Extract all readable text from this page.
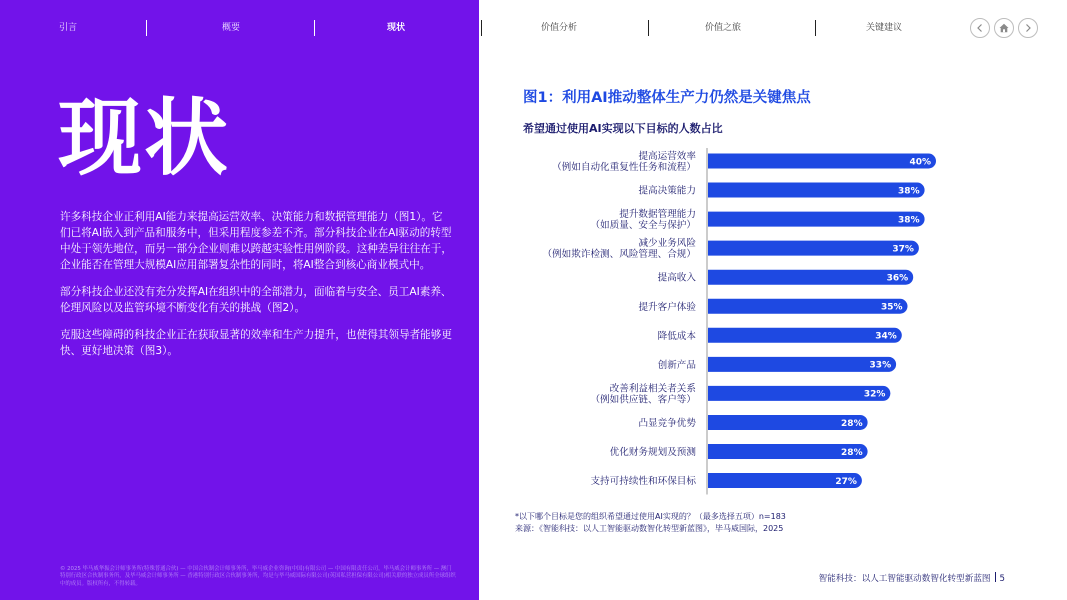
引言	概要	现状	价值分析	价值之旅	关键建议
现状

许多科技企业正利用AI能力来提高运营效率、决策能力和数据管理能力（图1）。它们已将AI嵌入到产品和服务中，但采用程度参差不齐。部分科技企业在AI驱动的转型中处于领先地位，而另一部分企业则难以跨越实验性用例阶段。这种差异往往在于，企业能否在管理大规模AI应用部署复杂性的同时，将AI整合到核心商业模式中。

部分科技企业还没有充分发挥AI在组织中的全部潜力，面临着与安全、员工AI素养、伦理风险以及监管环境不断变化有关的挑战（图2）。

克服这些障碍的科技企业正在获取显著的效率和生产力提升，也使得其领导者能够更快、更好地决策（图3）。

© 2025 毕马威华振会计师事务所(特殊普通合伙) — 中国合伙制会计师事务所，毕马威企业咨询(中国)有限公司 — 中国有限责任公司，毕马威会计师事务所 — 澳门特别行政区合伙制事务所，及毕马威会计师事务所 — 香港特别行政区合伙制事务所，均是与毕马威国际有限公司(英国私营担保有限公司)相关联的独立成员所全球组织中的成员。版权所有，不得转载。
图1：利用AI推动整体生产力仍然是关键焦点
希望通过使用AI实现以下目标的人数占比
40%
提高运营效率
（例如自动化重复性任务和流程）
38%
提高决策能力
38%
提升数据管理能力
（如质量、安全与保护）
37%
减少业务风险
（例如欺诈检测、风险管理、合规）
36%
提高收入
35%
提升客户体验
34%
降低成本
33%
创新产品
32%
改善利益相关者关系
（例如供应链、客户等）
28%
凸显竞争优势
28%
优化财务规划及预测
27%
支持可持续性和环保目标
*以下哪个目标是您的组织希望通过使用AI实现的？（最多选择五项）n=183
来源：《智能科技：以人工智能驱动数智化转型新蓝图》，毕马威国际，2025
智能科技：以人工智能驱动数智化转型新蓝图 5
